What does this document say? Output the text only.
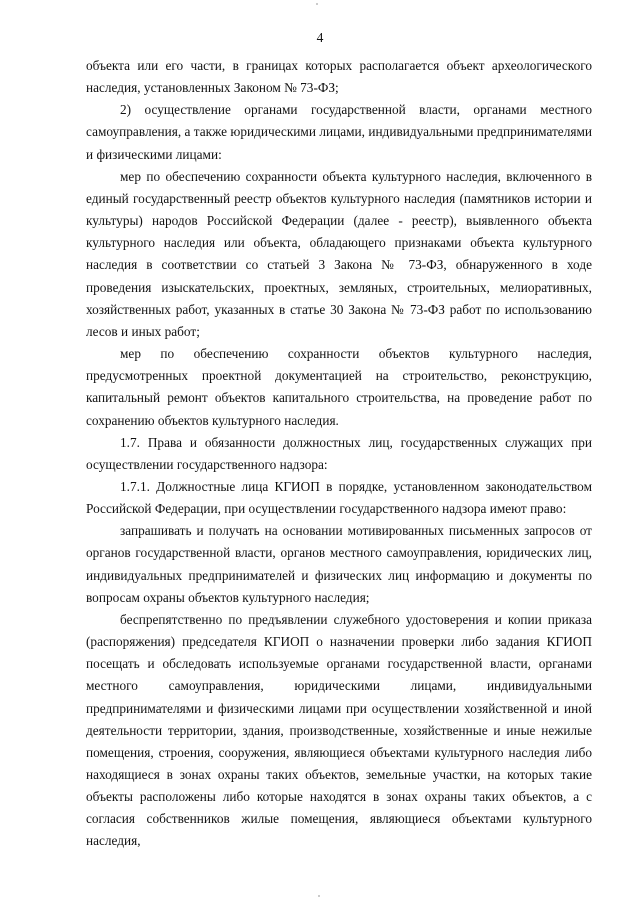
4

объекта или его части, в границах которых располагается объект археологического наследия, установленных Законом № 73-ФЗ;

2) осуществление органами государственной власти, органами местного самоуправления, а также юридическими лицами, индивидуальными предпринимателями и физическими лицами:

мер по обеспечению сохранности объекта культурного наследия, включенного в единый государственный реестр объектов культурного наследия (памятников истории и культуры) народов Российской Федерации (далее - реестр), выявленного объекта культурного наследия или объекта, обладающего признаками объекта культурного наследия в соответствии со статьей 3 Закона № 73-ФЗ, обнаруженного в ходе проведения изыскательских, проектных, земляных, строительных, мелиоративных, хозяйственных работ, указанных в статье 30 Закона № 73-ФЗ работ по использованию лесов и иных работ;

мер по обеспечению сохранности объектов культурного наследия, предусмотренных проектной документацией на строительство, реконструкцию, капитальный ремонт объектов капитального строительства, на проведение работ по сохранению объектов культурного наследия.

1.7. Права и обязанности должностных лиц, государственных служащих при осуществлении государственного надзора:

1.7.1. Должностные лица КГИОП в порядке, установленном законодательством Российской Федерации, при осуществлении государственного надзора имеют право:

запрашивать и получать на основании мотивированных письменных запросов от органов государственной власти, органов местного самоуправления, юридических лиц, индивидуальных предпринимателей и физических лиц информацию и документы по вопросам охраны объектов культурного наследия;

беспрепятственно по предъявлении служебного удостоверения и копии приказа (распоряжения) председателя КГИОП о назначении проверки либо задания КГИОП посещать и обследовать используемые органами государственной власти, органами местного самоуправления, юридическими лицами, индивидуальными предпринимателями и физическими лицами при осуществлении хозяйственной и иной деятельности территории, здания, производственные, хозяйственные и иные нежилые помещения, строения, сооружения, являющиеся объектами культурного наследия либо находящиеся в зонах охраны таких объектов, земельные участки, на которых такие объекты расположены либо которые находятся в зонах охраны таких объектов, а с согласия собственников жилые помещения, являющиеся объектами культурного наследия,
